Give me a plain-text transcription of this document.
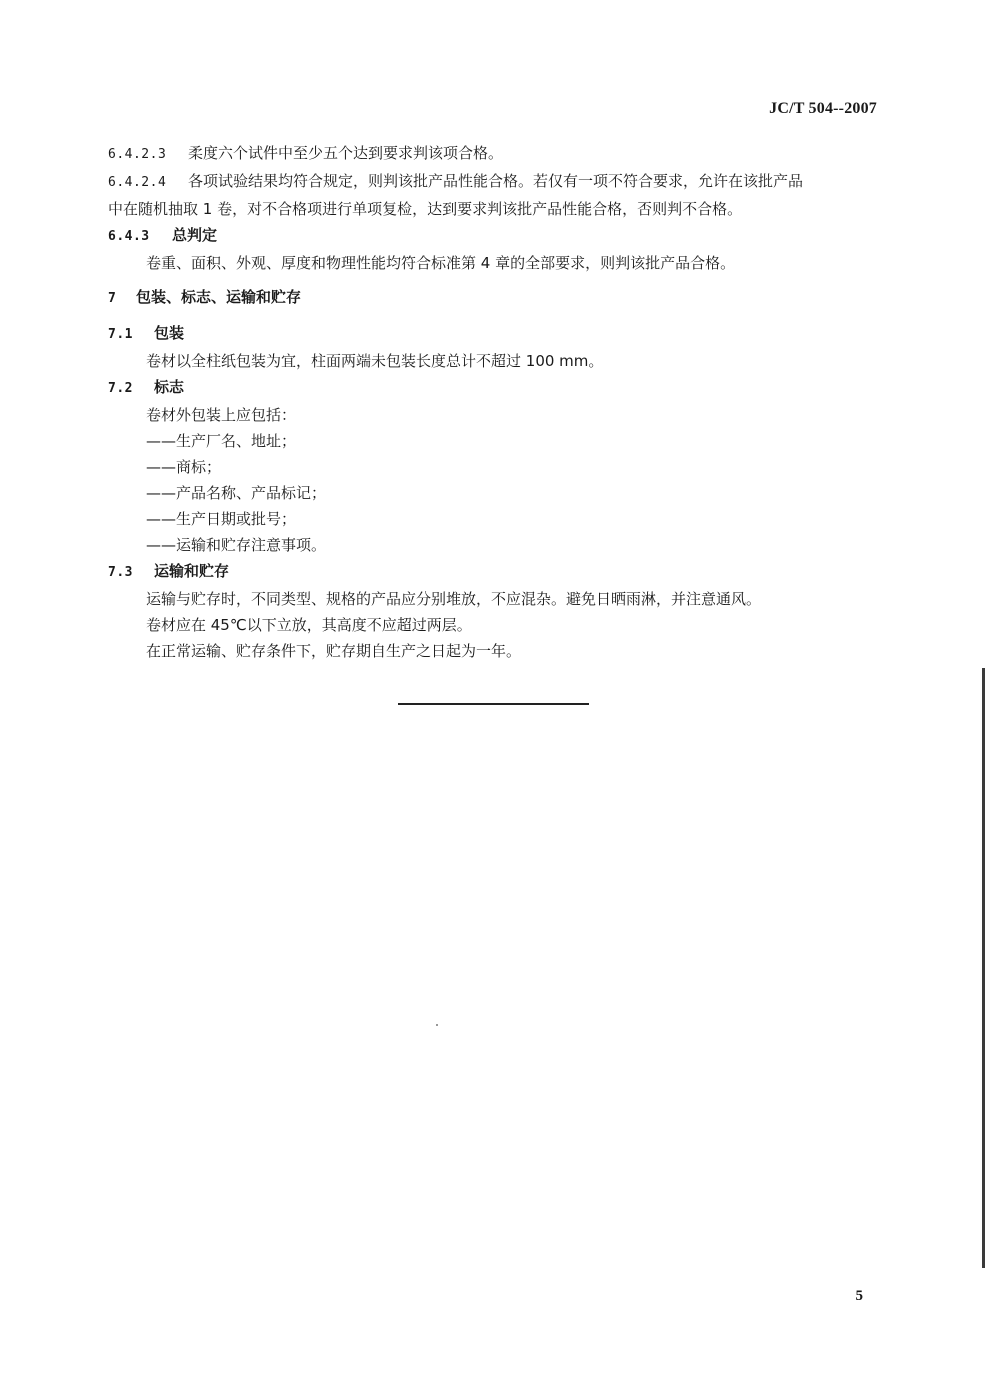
JC/T 504--2007
6.4.2.3 柔度六个试件中至少五个达到要求判该项合格。
6.4.2.4 各项试验结果均符合规定，则判该批产品性能合格。若仅有一项不符合要求，允许在该批产品
中在随机抽取 1 卷，对不合格项进行单项复检，达到要求判该批产品性能合格，否则判不合格。
6.4.3 总判定
卷重、面积、外观、厚度和物理性能均符合标准第 4 章的全部要求，则判该批产品合格。
7 包装、标志、运输和贮存
7.1 包装
卷材以全柱纸包装为宜，柱面两端未包装长度总计不超过 100 mm。
7.2 标志
卷材外包装上应包括：
——生产厂名、地址；
——商标；
——产品名称、产品标记；
——生产日期或批号；
——运输和贮存注意事项。
7.3 运输和贮存
运输与贮存时，不同类型、规格的产品应分别堆放，不应混杂。避免日晒雨淋，并注意通风。
卷材应在 45℃以下立放，其高度不应超过两层。
在正常运输、贮存条件下，贮存期自生产之日起为一年。
5
